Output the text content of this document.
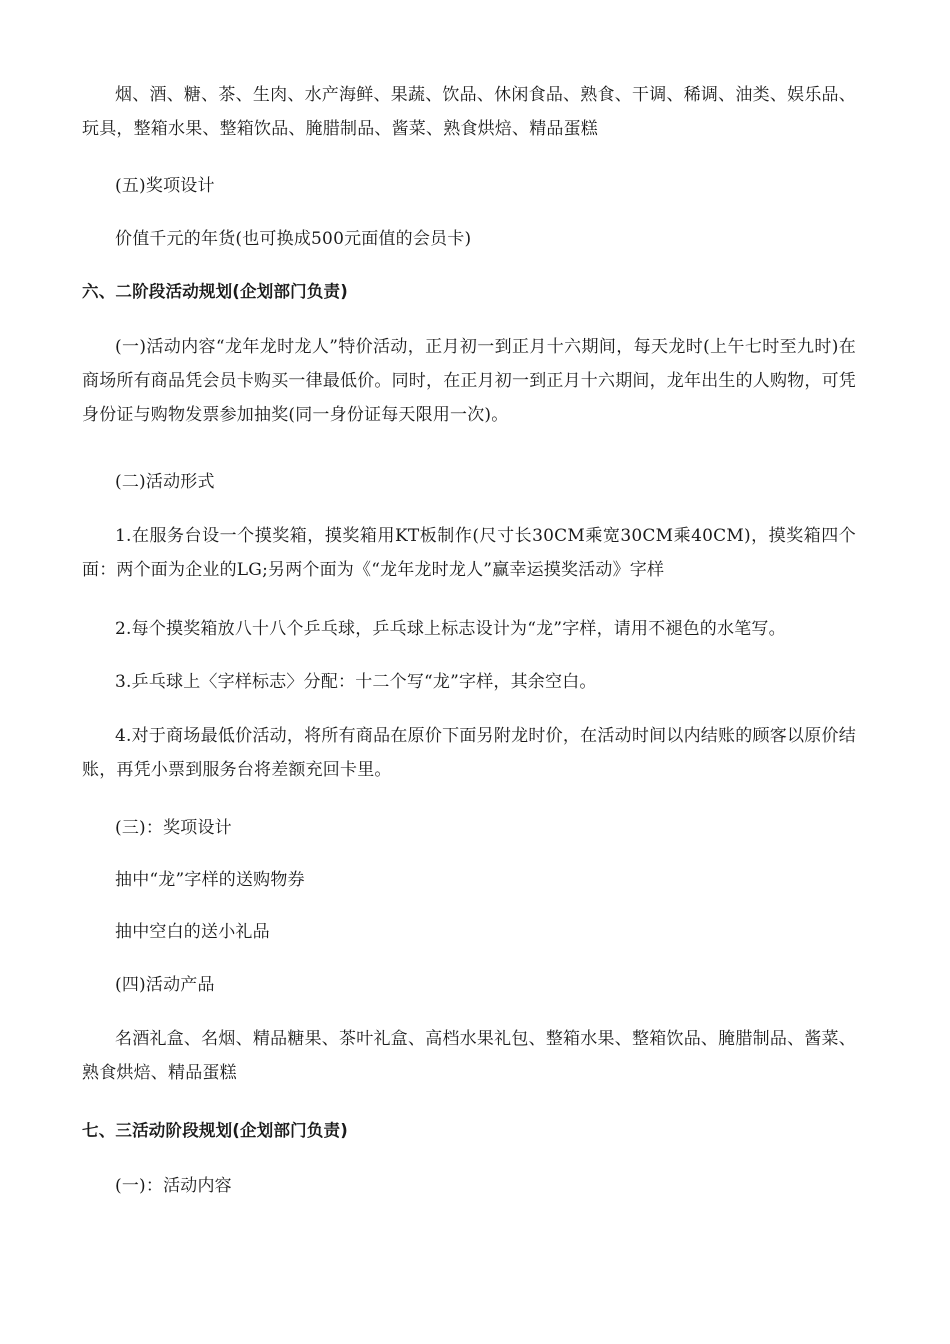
烟、酒、糖、茶、生肉、水产海鲜、果蔬、饮品、休闲食品、熟食、干调、稀调、油类、娱乐品、玩具，整箱水果、整箱饮品、腌腊制品、酱菜、熟食烘焙、精品蛋糕
(五)奖项设计
价值千元的年货(也可换成500元面值的会员卡)
六、二阶段活动规划(企划部门负责)
(一)活动内容“龙年龙时龙人”特价活动，正月初一到正月十六期间，每天龙时(上午七时至九时)在商场所有商品凭会员卡购买一律最低价。同时，在正月初一到正月十六期间，龙年出生的人购物，可凭身份证与购物发票参加抽奖(同一身份证每天限用一次)。
(二)活动形式
1.在服务台设一个摸奖箱，摸奖箱用KT板制作(尺寸长30CM乘宽30CM乘40CM)，摸奖箱四个面：两个面为企业的LG;另两个面为《“龙年龙时龙人”赢幸运摸奖活动》字样
2.每个摸奖箱放八十八个乒乓球，乒乓球上标志设计为“龙”字样，请用不褪色的水笔写。
3.乒乓球上〈字样标志〉分配：十二个写“龙”字样，其余空白。
4.对于商场最低价活动，将所有商品在原价下面另附龙时价，在活动时间以内结账的顾客以原价结账，再凭小票到服务台将差额充回卡里。
(三)：奖项设计
抽中“龙”字样的送购物券
抽中空白的送小礼品
(四)活动产品
名酒礼盒、名烟、精品糖果、茶叶礼盒、高档水果礼包、整箱水果、整箱饮品、腌腊制品、酱菜、熟食烘焙、精品蛋糕
七、三活动阶段规划(企划部门负责)
(一)：活动内容
